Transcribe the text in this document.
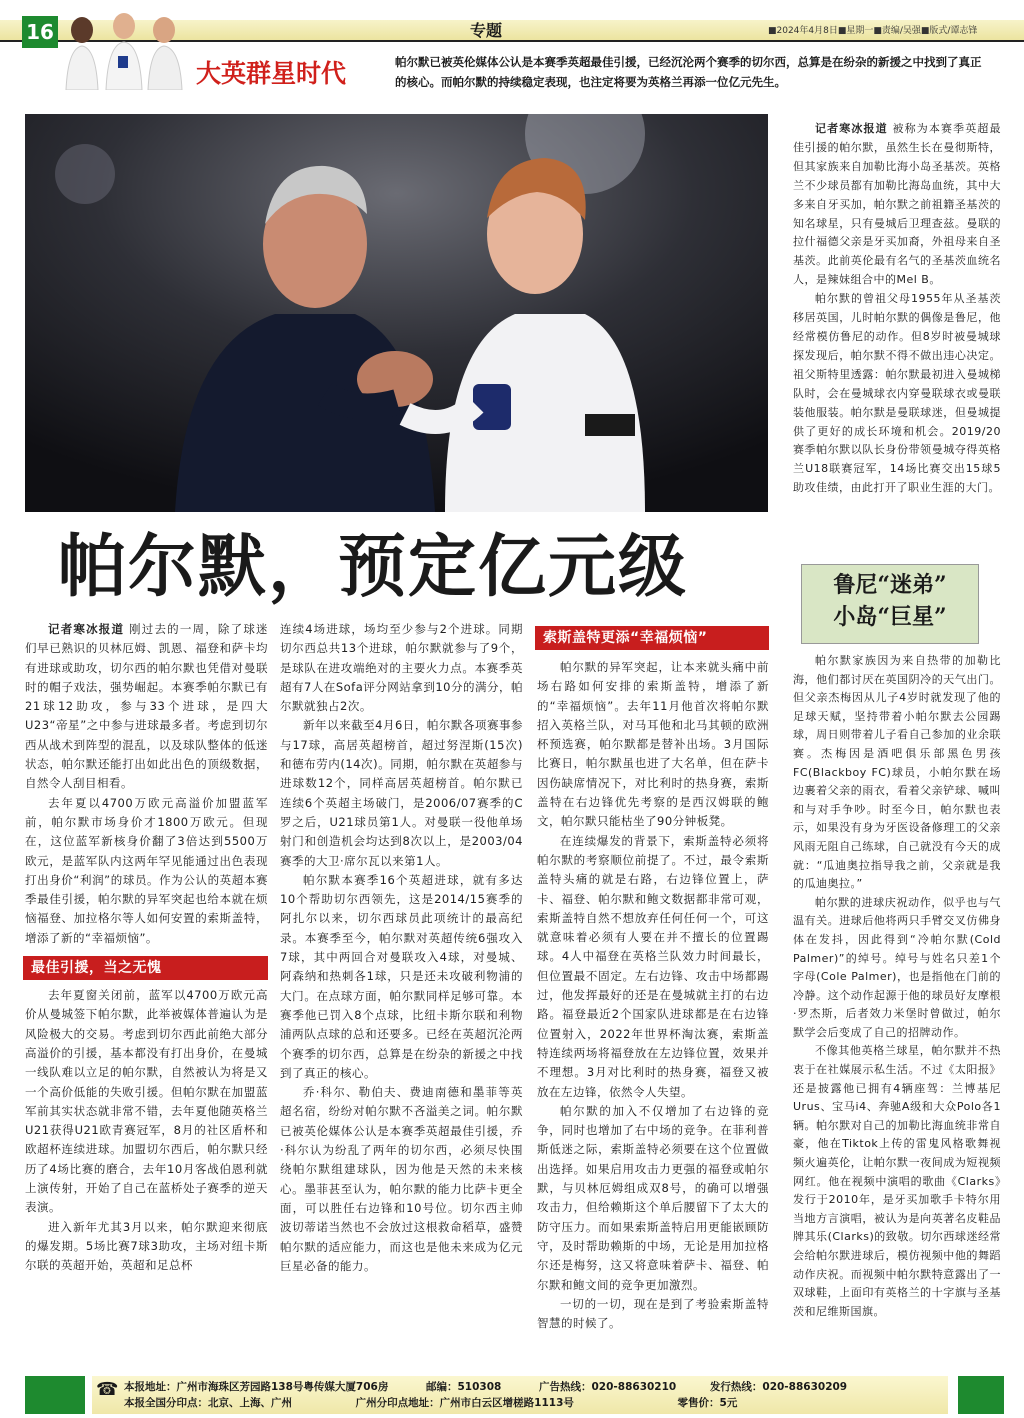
16	专题	■2024年4月8日■星期一■责编/吴强■版式/谭志锋
大英群星时代	帕尔默已被英伦媒体公认是本赛季英超最佳引援，已经沉沦两个赛季的切尔西，总算是在纷杂的新援之中找到了真正的核心。而帕尔默的持续稳定表现，也注定将要为英格兰再添一位亿元先生。
帕尔默，预定亿元级

记者寒冰报道 刚过去的一周，除了球迷们早已熟识的贝林厄姆、凯恩、福登和萨卡均有进球或助攻，切尔西的帕尔默也凭借对曼联时的帽子戏法，强势崛起。本赛季帕尔默已有21球12助攻，参与33个进球，是四大U23“帝星”之中参与进球最多者。考虑到切尔西从战术到阵型的混乱，以及球队整体的低迷状态，帕尔默还能打出如此出色的顶级数据，自然令人刮目相看。

去年夏以4700万欧元高溢价加盟蓝军前，帕尔默市场身价才1800万欧元。但现在，这位蓝军新核身价翻了3倍达到5500万欧元，是蓝军队内这两年罕见能通过出色表现打出身价“利润”的球员。作为公认的英超本赛季最佳引援，帕尔默的异军突起也给本就在烦恼福登、加拉格尔等人如何安置的索斯盖特，增添了新的“幸福烦恼”。

最佳引援，当之无愧

去年夏窗关闭前，蓝军以4700万欧元高价从曼城签下帕尔默，此举被媒体普遍认为是风险极大的交易。考虑到切尔西此前绝大部分高溢价的引援，基本都没有打出身价，在曼城一线队难以立足的帕尔默，自然被认为将是又一个高价低能的失败引援。但帕尔默在加盟蓝军前其实状态就非常不错，去年夏他随英格兰U21获得U21欧青赛冠军，8月的社区盾杯和欧超杯连续进球。加盟切尔西后，帕尔默只经历了4场比赛的磨合，去年10月客战伯恩利就上演传射，开始了自己在蓝桥处子赛季的逆天表演。

进入新年尤其3月以来，帕尔默迎来彻底的爆发期。5场比赛7球3助攻，主场对纽卡斯尔联的英超开始，英超和足总杯

连续4场进球，场均至少参与2个进球。同期切尔西总共13个进球，帕尔默就参与了9个，是球队在进攻端绝对的主要火力点。本赛季英超有7人在Sofa评分网站拿到10分的满分，帕尔默就独占2次。

新年以来截至4月6日，帕尔默各项赛事参与17球，高居英超榜首，超过努涅斯(15次)和德布劳内(14次)。同期，帕尔默在英超参与进球数12个，同样高居英超榜首。帕尔默已连续6个英超主场破门，是2006/07赛季的C罗之后，U21球员第1人。对曼联一役他单场射门和创造机会均达到8次以上，是2003/04赛季的大卫·席尔瓦以来第1人。

帕尔默本赛季16个英超进球，就有多达10个帮助切尔西领先，这是2014/15赛季的阿扎尔以来，切尔西球员此项统计的最高纪录。本赛季至今，帕尔默对英超传统6强攻入7球，其中两回合对曼联攻入4球，对曼城、阿森纳和热刺各1球，只是还未攻破利物浦的大门。在点球方面，帕尔默同样足够可靠。本赛季他已罚入8个点球，比纽卡斯尔联和利物浦两队点球的总和还要多。已经在英超沉沦两个赛季的切尔西，总算是在纷杂的新援之中找到了真正的核心。

乔·科尔、勒伯夫、费迪南德和墨菲等英超名宿，纷纷对帕尔默不吝溢美之词。帕尔默已被英伦媒体公认是本赛季英超最佳引援，乔·科尔认为纷乱了两年的切尔西，必须尽快围绕帕尔默组建球队，因为他是天然的未来核心。墨菲甚至认为，帕尔默的能力比萨卡更全面，可以胜任右边锋和10号位。切尔西主帅波切蒂诺当然也不会放过这根救命稻草，盛赞帕尔默的适应能力，而这也是他未来成为亿元巨星必备的能力。

索斯盖特更添“幸福烦恼”

帕尔默的异军突起，让本来就头痛中前场右路如何安排的索斯盖特，增添了新的“幸福烦恼”。去年11月他首次将帕尔默招入英格兰队，对马耳他和北马其顿的欧洲杯预选赛，帕尔默都是替补出场。3月国际比赛日，帕尔默虽也进了大名单，但在萨卡因伤缺席情况下，对比利时的热身赛，索斯盖特在右边锋优先考察的是西汉姆联的鲍文，帕尔默只能枯坐了90分钟板凳。

在连续爆发的背景下，索斯盖特必须将帕尔默的考察顺位前提了。不过，最令索斯盖特头痛的就是右路，右边锋位置上，萨卡、福登、帕尔默和鲍文数据都非常可观，索斯盖特自然不想放弃任何任何一个，可这就意味着必须有人要在并不擅长的位置踢球。4人中福登在英格兰队效力时间最长，但位置最不固定。左右边锋、攻击中场都踢过，他发挥最好的还是在曼城就主打的右边路。福登最近2个国家队进球都是在右边锋位置射入，2022年世界杯淘汰赛，索斯盖特连续两场将福登放在左边锋位置，效果并不理想。3月对比利时的热身赛，福登又被放在左边锋，依然令人失望。

帕尔默的加入不仅增加了右边锋的竞争，同时也增加了右中场的竞争。在菲利普斯低迷之际，索斯盖特必须要在这个位置做出选择。如果启用攻击力更强的福登或帕尔默，与贝林厄姆组成双8号，的确可以增强攻击力，但给赖斯这个单后腰留下了太大的防守压力。而如果索斯盖特启用更能嵌顾防守，及时帮助赖斯的中场，无论是用加拉格尔还是梅努，这又将意味着萨卡、福登、帕尔默和鲍文间的竞争更加激烈。

一切的一切，现在是到了考验索斯盖特智慧的时候了。

记者寒冰报道 被称为本赛季英超最佳引援的帕尔默，虽然生长在曼彻斯特，但其家族来自加勒比海小岛圣基茨。英格兰不少球员都有加勒比海岛血统，其中大多来自牙买加，帕尔默之前祖籍圣基茨的知名球星，只有曼城后卫理查兹。曼联的拉什福德父亲是牙买加裔，外祖母来自圣基茨。此前英伦最有名气的圣基茨血统名人，是辣妹组合中的Mel B。

帕尔默的曾祖父母1955年从圣基茨移居英国，儿时帕尔默的偶像是鲁尼，他经常模仿鲁尼的动作。但8岁时被曼城球探发现后，帕尔默不得不做出违心决定。祖父斯特里透露：帕尔默最初进入曼城梯队时，会在曼城球衣内穿曼联球衣或曼联装他服装。帕尔默是曼联球迷，但曼城提供了更好的成长环境和机会。2019/20赛季帕尔默以队长身份带领曼城夺得英格兰U18联赛冠军，14场比赛交出15球5助攻佳绩，由此打开了职业生涯的大门。

鲁尼“迷弟”
小岛“巨星”

帕尔默家族因为来自热带的加勒比海，他们都讨厌在英国阴冷的天气出门。但父亲杰梅因从儿子4岁时就发现了他的足球天赋，坚持带着小帕尔默去公园踢球，周日则带着儿子看自己参加的业余联赛。杰梅因是酒吧俱乐部黑色男孩FC(Blackboy FC)球员，小帕尔默在场边裹着父亲的雨衣，看着父亲铲球、喊叫和与对手争吵。时至今日，帕尔默也表示，如果没有身为牙医设备修理工的父亲风雨无阻自己练球，自己就没有今天的成就：“瓜迪奥拉指导我之前，父亲就是我的瓜迪奥拉。”

帕尔默的进球庆祝动作，似乎也与气温有关。进球后他将两只手臂交叉仿佛身体在发抖，因此得到“冷帕尔默(Cold Palmer)”的绰号。绰号与姓名只差1个字母(Cole Palmer)，也是指他在门前的冷静。这个动作起源于他的球员好友摩根·罗杰斯，后者效力米堡时曾做过，帕尔默学会后变成了自己的招牌动作。

不像其他英格兰球星，帕尔默并不热衷于在社媒展示私生活。不过《太阳报》还是披露他已拥有4辆座驾：兰博基尼Urus、宝马i4、奔驰A级和大众Polo各1辆。帕尔默对自己的加勒比海血统非常自豪，他在Tiktok上传的雷鬼风格歌舞视频火遍英伦，让帕尔默一夜间成为短视频网红。他在视频中演唱的歌曲《Clarks》发行于2010年，是牙买加歌手卡特尔用当地方言演唱，被认为是向英著名皮鞋品牌其乐(Clarks)的致敬。切尔西球迷经常会给帕尔默进球后，模仿视频中他的舞蹈动作庆祝。而视频中帕尔默特意露出了一双球鞋，上面印有英格兰的十字旗与圣基茨和尼维斯国旗。

☎ 本报地址：广州市海珠区芳园路138号粤传媒大厦706房	邮编：510308	广告热线：020-88630210	发行热线：020-88630209
本报全国分印点：北京、上海、广州	广州分印点地址：广州市白云区增槎路1113号	零售价：5元
